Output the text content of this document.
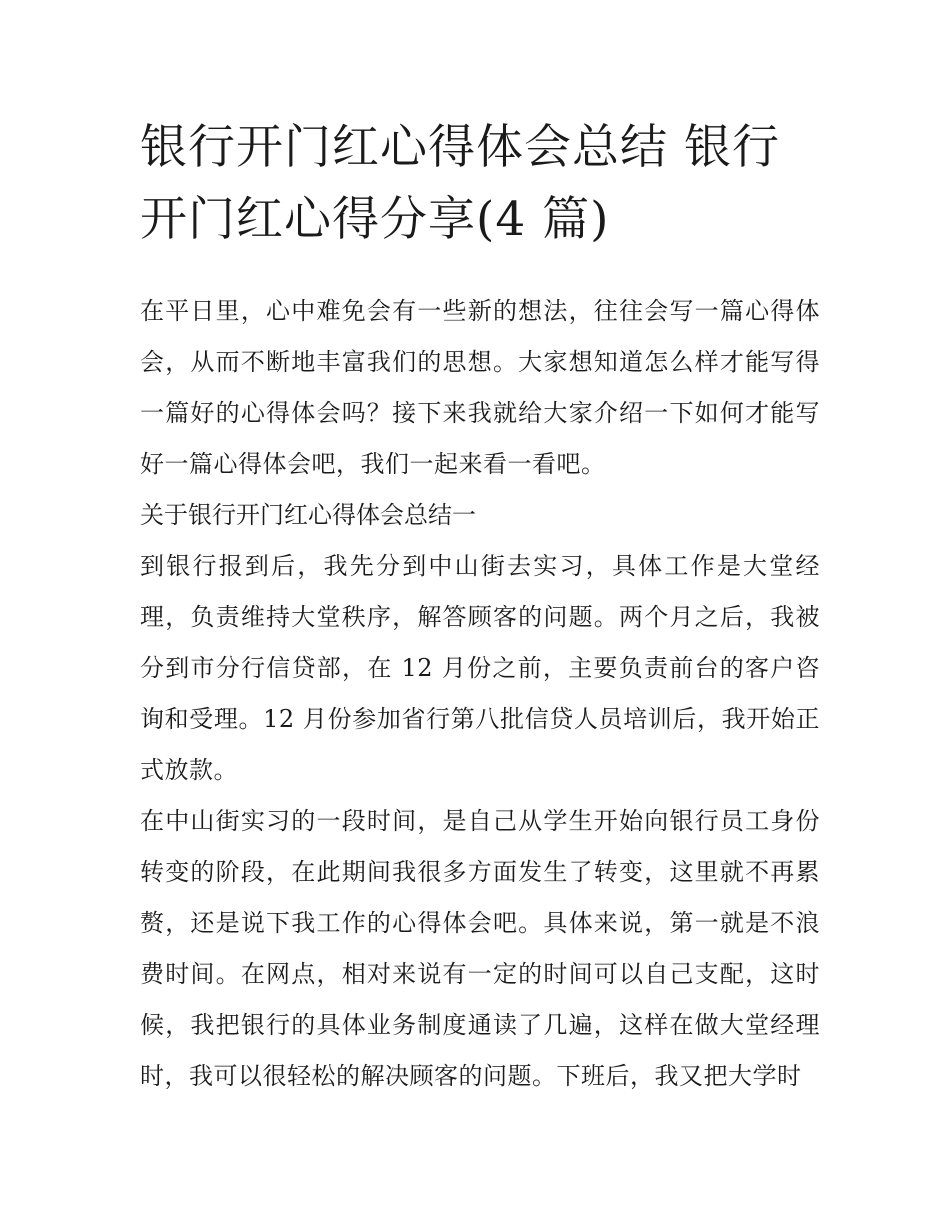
银行开门红心得体会总结 银行开门红心得分享(4 篇)

在平日里，心中难免会有一些新的想法，往往会写一篇心得体会，从而不断地丰富我们的思想。大家想知道怎么样才能写得一篇好的心得体会吗？接下来我就给大家介绍一下如何才能写好一篇心得体会吧，我们一起来看一看吧。

关于银行开门红心得体会总结一

到银行报到后，我先分到中山街去实习，具体工作是大堂经理，负责维持大堂秩序，解答顾客的问题。两个月之后，我被分到市分行信贷部，在 12 月份之前，主要负责前台的客户咨询和受理。12 月份参加省行第八批信贷人员培训后，我开始正式放款。

在中山街实习的一段时间，是自己从学生开始向银行员工身份转变的阶段，在此期间我很多方面发生了转变，这里就不再累赘，还是说下我工作的心得体会吧。具体来说，第一就是不浪费时间。在网点，相对来说有一定的时间可以自己支配，这时候，我把银行的具体业务制度通读了几遍，这样在做大堂经理时，我可以很轻松的解决顾客的问题。下班后，我又把大学时
